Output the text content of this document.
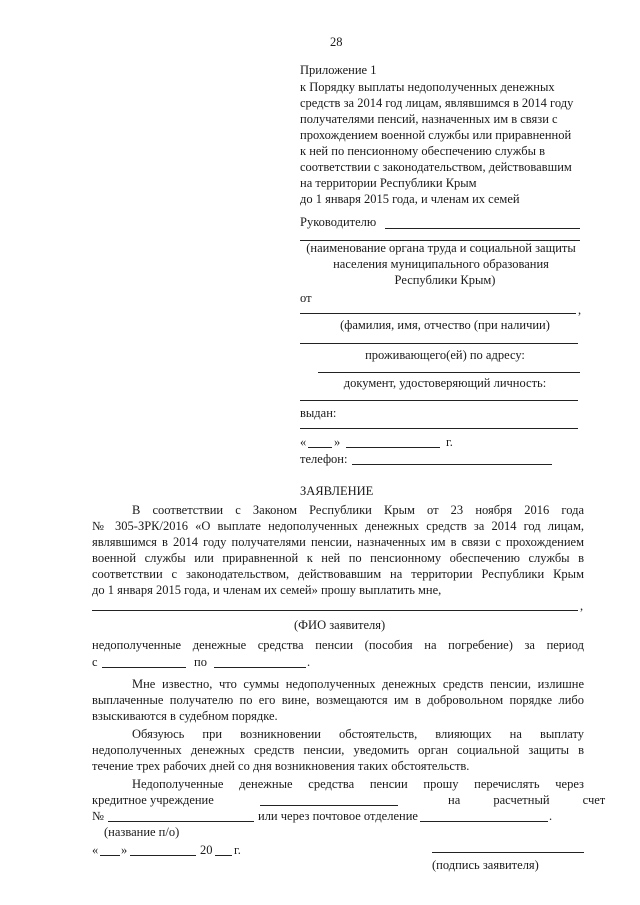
28
Приложение 1
к Порядку выплаты недополученных денежных
средств за 2014 год лицам, являвшимся в 2014 году
получателями пенсий, назначенных им в связи с
прохождением военной службы или приравненной
к ней по пенсионному обеспечению службы в
соответствии с законодательством, действовавшим
на территории Республики Крым
до 1 января 2015 года, и членам их семей
Руководителю
(наименование органа труда и социальной защиты
населения муниципального образования
Республики Крым)
от
,
(фамилия, имя, отчество (при наличии)
проживающего(ей) по адресу:
документ, удостоверяющий личность:
выдан:
« »	г.
телефон:
ЗАЯВЛЕНИЕ
В соответствии с Законом Республики Крым от 23 ноября 2016 года
№ 305-ЗРК/2016 «О выплате недополученных денежных средств за 2014 год лицам,
являвшимся в 2014 году получателями пенсии, назначенных им в связи с прохождением
военной службы или приравненной к ней по пенсионному обеспечению службы в
соответствии с законодательством, действовавшим на территории Республики Крым
до 1 января 2015 года, и членам их семей» прошу выплатить мне,
,
(ФИО заявителя)
недополученные денежные средства пенсии (пособия на погребение) за период
с	по	.
Мне известно, что суммы недополученных денежных средств пенсии, излишне
выплаченные получателю по его вине, возмещаются им в добровольном порядке либо
взыскиваются в судебном порядке.
Обязуюсь при возникновении обстоятельств, влияющих на выплату
недополученных денежных средств пенсии, уведомить орган социальной защиты в
течение трех рабочих дней со дня возникновения таких обстоятельств.
Недополученные денежные средства пенсии прошу перечислять через
кредитное учреждение	на расчетный счет
№	или через почтовое отделение	.
(название п/о)
« »	20 г.
(подпись заявителя)
